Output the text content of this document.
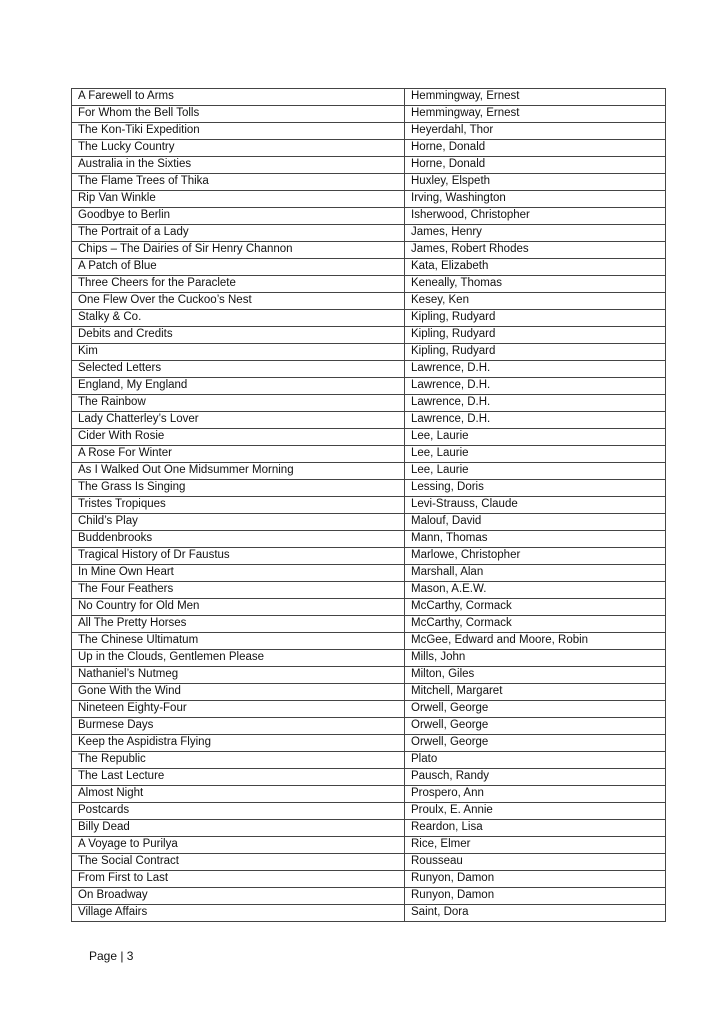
A Farewell to Arms	Hemmingway, Ernest
For Whom the Bell Tolls	Hemmingway, Ernest
The Kon-Tiki Expedition	Heyerdahl, Thor
The Lucky Country	Horne, Donald
Australia in the Sixties	Horne, Donald
The Flame Trees of Thika	Huxley, Elspeth
Rip Van Winkle	Irving, Washington
Goodbye to Berlin	Isherwood, Christopher
The Portrait of a Lady	James, Henry
Chips – The Dairies of Sir Henry Channon	James, Robert Rhodes
A Patch of Blue	Kata, Elizabeth
Three Cheers for the Paraclete	Keneally, Thomas
One Flew Over the Cuckoo’s Nest	Kesey, Ken
Stalky & Co.	Kipling, Rudyard
Debits and Credits	Kipling, Rudyard
Kim	Kipling, Rudyard
Selected Letters	Lawrence, D.H.
England, My England	Lawrence, D.H.
The Rainbow	Lawrence, D.H.
Lady Chatterley’s Lover	Lawrence, D.H.
Cider With Rosie	Lee, Laurie
A Rose For Winter	Lee, Laurie
As I Walked Out One Midsummer Morning	Lee, Laurie
The Grass Is Singing	Lessing, Doris
Tristes Tropiques	Levi-Strauss, Claude
Child’s Play	Malouf, David
Buddenbrooks	Mann, Thomas
Tragical History of Dr Faustus	Marlowe, Christopher
In Mine Own Heart	Marshall, Alan
The Four Feathers	Mason, A.E.W.
No Country for Old Men	McCarthy, Cormack
All The Pretty Horses	McCarthy, Cormack
The Chinese Ultimatum	McGee, Edward and Moore, Robin
Up in the Clouds, Gentlemen Please	Mills, John
Nathaniel’s Nutmeg	Milton, Giles
Gone With the Wind	Mitchell, Margaret
Nineteen Eighty-Four	Orwell, George
Burmese Days	Orwell, George
Keep the Aspidistra Flying	Orwell, George
The Republic	Plato
The Last Lecture	Pausch, Randy
Almost Night	Prospero, Ann
Postcards	Proulx, E. Annie
Billy Dead	Reardon, Lisa
A Voyage to Purilya	Rice, Elmer
The Social Contract	Rousseau
From First to Last	Runyon, Damon
On Broadway	Runyon, Damon
Village Affairs	Saint, Dora
Page | 3
